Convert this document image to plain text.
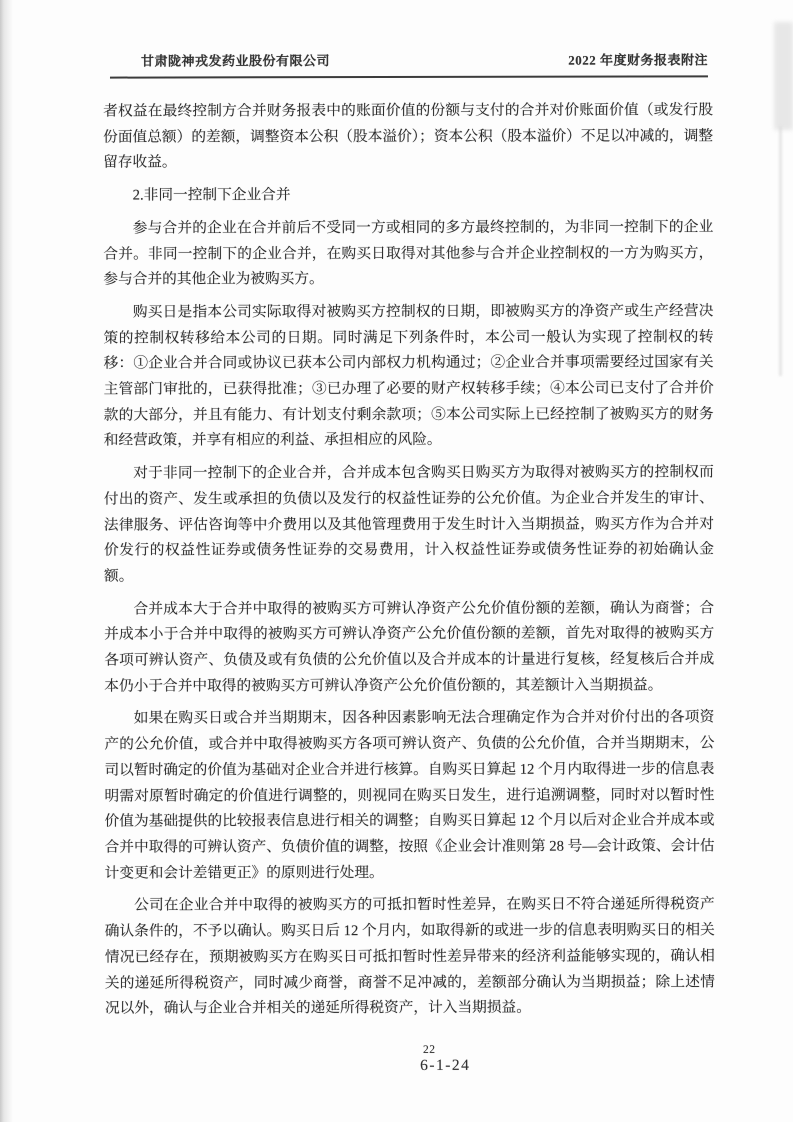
甘肃陇神戎发药业股份有限公司	2022 年度财务报表附注

者权益在最终控制方合并财务报表中的账面价值的份额与支付的合并对价账面价值（或发行股份面值总额）的差额，调整资本公积（股本溢价）；资本公积（股本溢价）不足以冲减的，调整留存收益。

2.非同一控制下企业合并

参与合并的企业在合并前后不受同一方或相同的多方最终控制的，为非同一控制下的企业合并。非同一控制下的企业合并，在购买日取得对其他参与合并企业控制权的一方为购买方，参与合并的其他企业为被购买方。

购买日是指本公司实际取得对被购买方控制权的日期，即被购买方的净资产或生产经营决策的控制权转移给本公司的日期。同时满足下列条件时，本公司一般认为实现了控制权的转移：①企业合并合同或协议已获本公司内部权力机构通过；②企业合并事项需要经过国家有关主管部门审批的，已获得批准；③已办理了必要的财产权转移手续；④本公司已支付了合并价款的大部分，并且有能力、有计划支付剩余款项；⑤本公司实际上已经控制了被购买方的财务和经营政策，并享有相应的利益、承担相应的风险。

对于非同一控制下的企业合并，合并成本包含购买日购买方为取得对被购买方的控制权而付出的资产、发生或承担的负债以及发行的权益性证券的公允价值。为企业合并发生的审计、法律服务、评估咨询等中介费用以及其他管理费用于发生时计入当期损益，购买方作为合并对价发行的权益性证券或债务性证券的交易费用，计入权益性证券或债务性证券的初始确认金额。

合并成本大于合并中取得的被购买方可辨认净资产公允价值份额的差额，确认为商誉；合并成本小于合并中取得的被购买方可辨认净资产公允价值份额的差额，首先对取得的被购买方各项可辨认资产、负债及或有负债的公允价值以及合并成本的计量进行复核，经复核后合并成本仍小于合并中取得的被购买方可辨认净资产公允价值份额的，其差额计入当期损益。

如果在购买日或合并当期期末，因各种因素影响无法合理确定作为合并对价付出的各项资产的公允价值，或合并中取得被购买方各项可辨认资产、负债的公允价值，合并当期期末，公司以暂时确定的价值为基础对企业合并进行核算。自购买日算起 12 个月内取得进一步的信息表明需对原暂时确定的价值进行调整的，则视同在购买日发生，进行追溯调整，同时对以暂时性价值为基础提供的比较报表信息进行相关的调整；自购买日算起 12 个月以后对企业合并成本或合并中取得的可辨认资产、负债价值的调整，按照《企业会计准则第 28 号—会计政策、会计估计变更和会计差错更正》的原则进行处理。

公司在企业合并中取得的被购买方的可抵扣暂时性差异，在购买日不符合递延所得税资产确认条件的，不予以确认。购买日后 12 个月内，如取得新的或进一步的信息表明购买日的相关情况已经存在，预期被购买方在购买日可抵扣暂时性差异带来的经济利益能够实现的，确认相关的递延所得税资产，同时减少商誉，商誉不足冲减的，差额部分确认为当期损益；除上述情况以外，确认与企业合并相关的递延所得税资产，计入当期损益。

22
6-1-24
